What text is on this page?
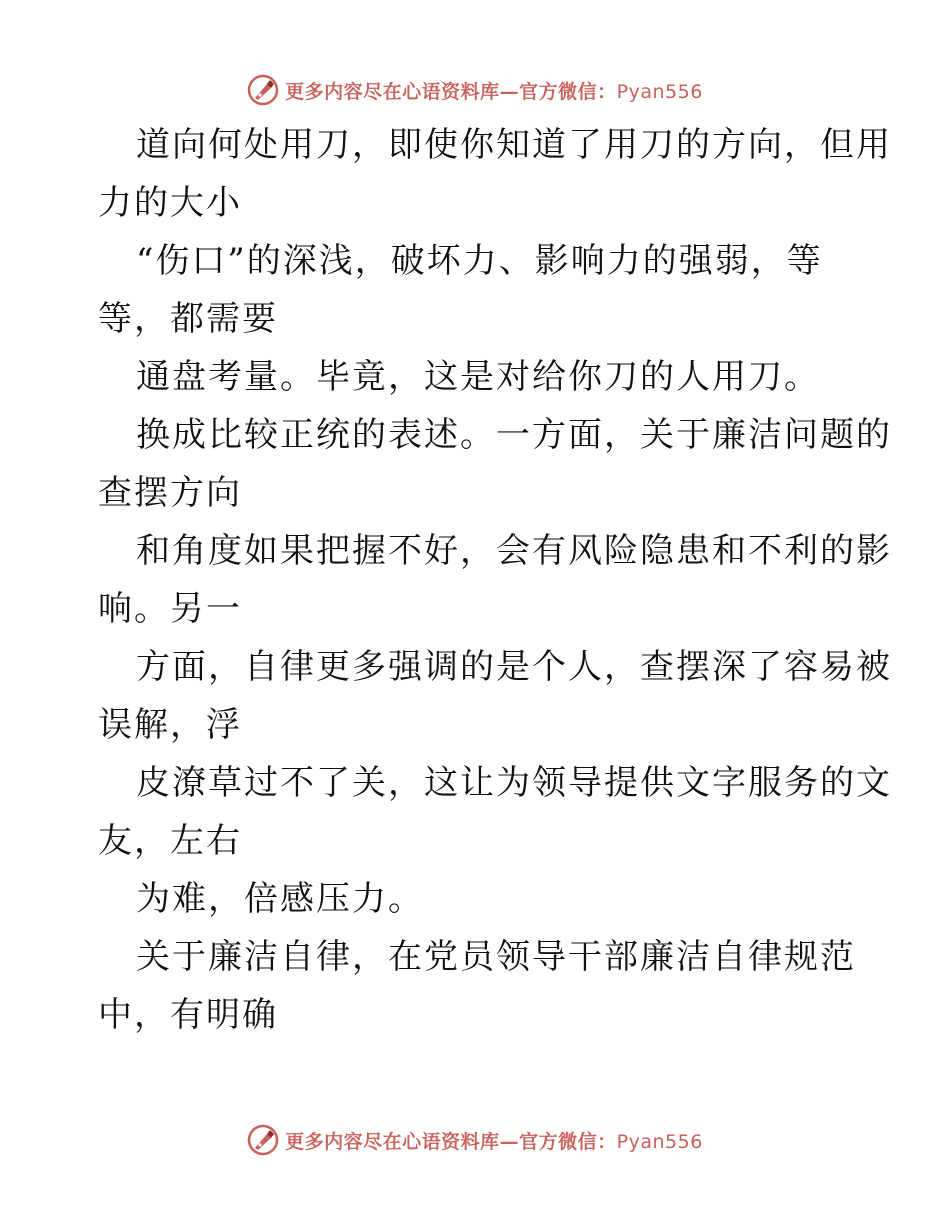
更多内容尽在心语资料库—官方微信：Pyan556
道向何处用刀，即使你知道了用刀的方向，但用
力的大小
“伤口”的深浅，破坏力、影响力的强弱，等
等，都需要
通盘考量。毕竟，这是对给你刀的人用刀。
换成比较正统的表述。一方面，关于廉洁问题的
查摆方向
和角度如果把握不好，会有风险隐患和不利的影
响。另一
方面，自律更多强调的是个人，查摆深了容易被
误解，浮
皮潦草过不了关，这让为领导提供文字服务的文
友，左右
为难，倍感压力。
关于廉洁自律，在党员领导干部廉洁自律规范
中，有明确
更多内容尽在心语资料库—官方微信：Pyan556
